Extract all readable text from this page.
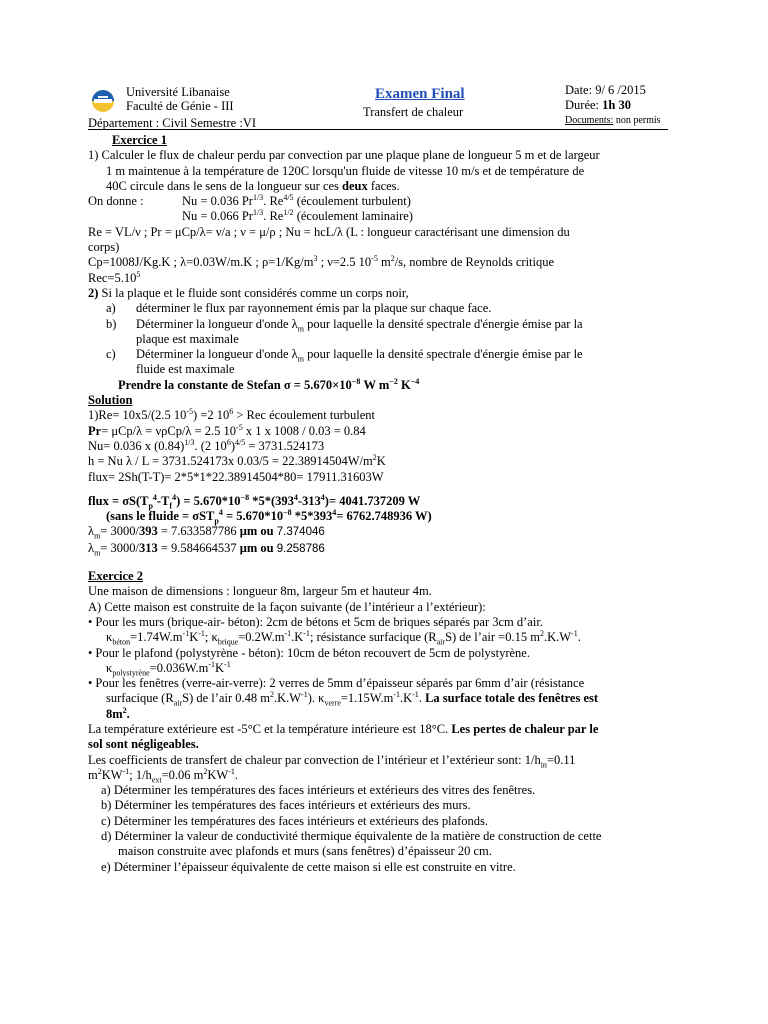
Université Libanaise
Faculté de Génie - III
Département : Civil Semestre :VI
Examen Final
Transfert de chaleur
Date: 9/ 6 /2015
Durée: 1h 30
Documents: non permis
Exercice 1
1) Calculer le flux de chaleur perdu par convection par une plaque plane de longueur 5 m et de largeur
1 m maintenue à la température de 120C lorsqu'un fluide de vitesse 10 m/s et de température de
40C circule dans le sens de la longueur sur ces deux faces.
On donne :	Nu = 0.036 $Pr^{1/3}$. $Re^{4/5}$ (écoulement turbulent)
Nu = 0.066 $Pr^{1/3}$. $Re^{1/2}$ (écoulement laminaire)
Re = VL/ν ; Pr = μCp/λ= ν/a ; ν = μ/ρ ; Nu = hcL/λ (L : longueur caractérisant une dimension du
corps)
Cp=1008J/Kg.K ; λ=0.03W/m.K ; $\rho=1/Kg/m^3$ ; ν=2.5 $10^{-5}$ $m^2/s$, nombre de Reynolds critique
$Rec=5.10^5$
2) Si la plaque et le fluide sont considérés comme un corps noir,
a) déterminer le flux par rayonnement émis par la plaque sur chaque face.
b) Déterminer la longueur d'onde $\lambda_m$ pour laquelle la densité spectrale d'énergie émise par la
plaque est maximale
c) Déterminer la longueur d'onde $\lambda_m$ pour laquelle la densité spectrale d'énergie émise par le
fluide est maximale
Prendre la constante de Stefan $\sigma = 5.670\times 10^{-8}$ W $m^{-2}$ $K^{-4}$
Solution
1)Re= 10x5/(2.5 $10^{-5}) =2$ $10^6$ > Rec écoulement turbulent
Pr= μCp/λ = νρCp/λ = 2.5 $10^{-5}$ x 1 x 1008 / 0.03 = 0.84
Nu= 0.036 x $(0.84)^{1/3}$. (2 $10^6)^{4/5} = 3731.524173$
h = Nu λ / L = 3731.524173x $0.03/5 = 22.38914504W/m^2K$
flux= 2Sh(T-T)= 2*5*1*22.38914504*80= 17911.31603W
flux = $\sigma S(T_p^4-T_f^4) = 5.670*10^{-8}$ $*5*(393^4-313^4)= 4041.737209$ W
(sans le fluide = $\sigma ST_p^4 = 5.670*10^{-8}$ $*5*393^4= 6762.748936$ W)
$\lambda_m= 3000/393 = 7.633587786$ μm ou 7.374046
$\lambda_m= 3000/313 = 9.584664537$ μm ou 9.258786
Exercice 2
Une maison de dimensions : longueur 8m, largeur 5m et hauteur 4m.
A) Cette maison est construite de la façon suivante (de l’intérieur a l’extérieur):
• Pour les murs (brique-air- béton): 2cm de bétons et 5cm de briques séparés par 3cm d’air.
$\kappa_{béton}=1.74W.m^{-1}K^{-1}$; $\kappa_{brique}=0.2W.m^{-1}.K^{-1}$; résistance surfacique $(R_{air}S)$ de l’air =0.15 $m^2.K.W^{-1}$.
• Pour le plafond (polystyrène - béton): 10cm de béton recouvert de 5cm de polystyrène.
$\kappa_{polystyrène}=0.036W.m^{-1}K^{-1}$
• Pour les fenêtres (verre-air-verre): 2 verres de 5mm d’épaisseur séparés par 6mm d’air (résistance
surfacique $(R_{air}S)$ de l’air 0.48 $m^2.K.W^{-1}$). $\kappa_{verre}=1.15W.m^{-1}.K^{-1}$. La surface totale des fenêtres est
$8m^2$.
La température extérieure est -5°C et la température intérieure est 18°C. Les pertes de chaleur par le
sol sont négligeables.
Les coefficients de transfert de chaleur par convection de l’intérieur et l’extérieur sont: $1/h_{in}=0.11$
$m^2KW^{-1}$; $1/h_{ext}=0.06$ $m^2KW^{-1}$.
a) Déterminer les températures des faces intérieurs et extérieurs des vitres des fenêtres.
b) Déterminer les températures des faces intérieurs et extérieurs des murs.
c) Déterminer les températures des faces intérieurs et extérieurs des plafonds.
d) Déterminer la valeur de conductivité thermique équivalente de la matière de construction de cette
maison construite avec plafonds et murs (sans fenêtres) d’épaisseur 20 cm.
e) Déterminer l’épaisseur équivalente de cette maison si elle est construite en vitre.
